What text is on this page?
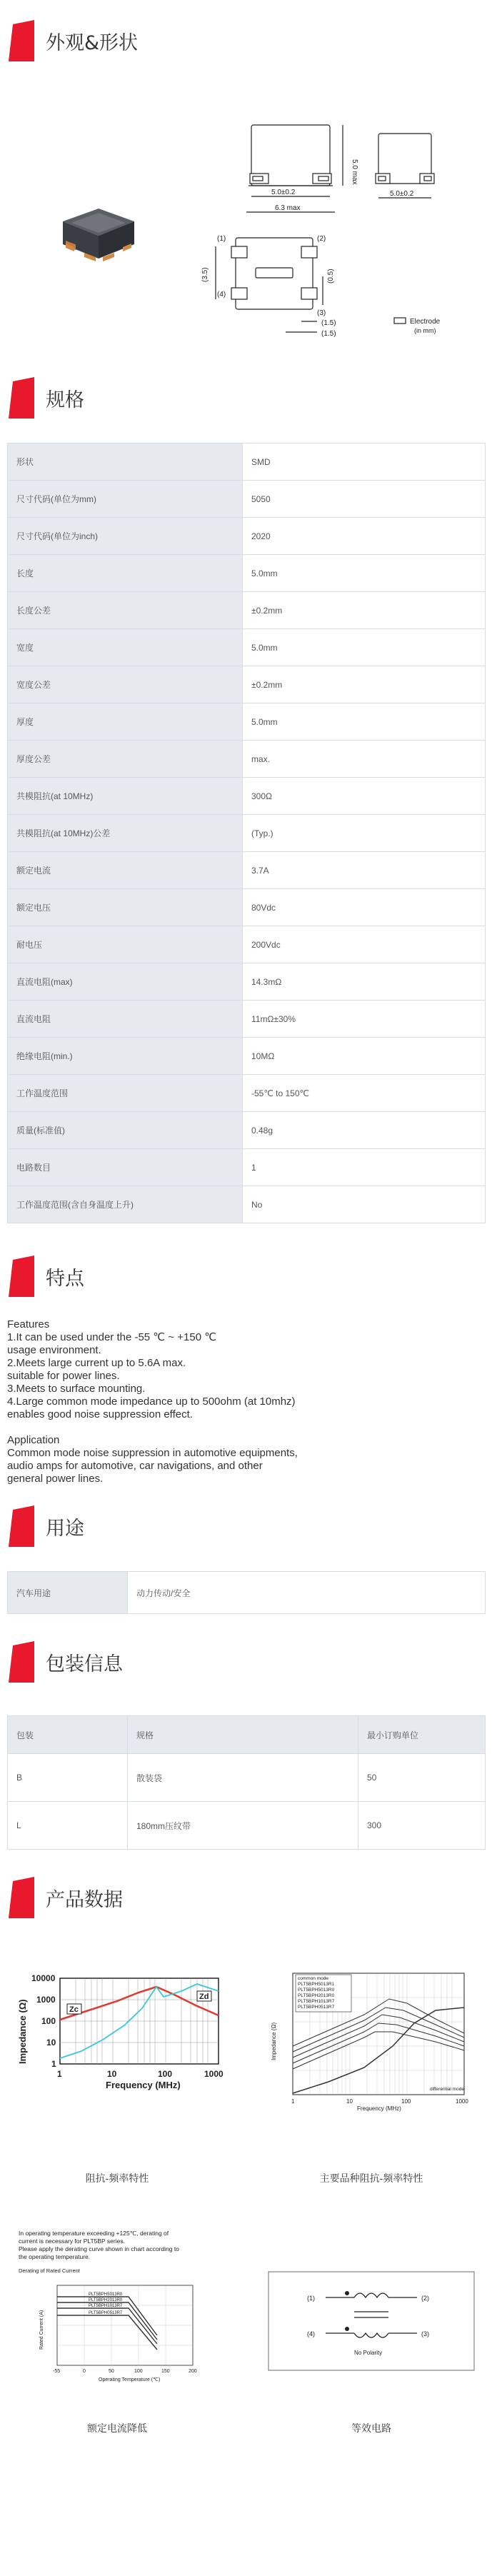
外观&形状
5.0±0.2
6.3 max
5.0 max
5.0±0.2
(1)	(2)
(3)
(4)
(3.5)	(0.5)
(1.5)
(1.5)
Electrode
(in mm)
规格
形状	SMD
尺寸代码(单位为mm)	5050
尺寸代码(单位为inch)	2020
长度	5.0mm
长度公差	±0.2mm
宽度	5.0mm
宽度公差	±0.2mm
厚度	5.0mm
厚度公差	max.
共模阻抗(at 10MHz)	300Ω
共模阻抗(at 10MHz)公差	(Typ.)
额定电流	3.7A
额定电压	80Vdc
耐电压	200Vdc
直流电阻(max)	14.3mΩ
直流电阻	11mΩ±30%
绝缘电阻(min.)	10MΩ
工作温度范围	-55℃ to 150℃
质量(标准值)	0.48g
电路数目	1
工作温度范围(含自身温度上升)	No
特点
Features
1.It can be used under the -55 ℃ ~ +150 ℃
usage environment.
2.Meets large current up to 5.6A max.
suitable for power lines.
3.Meets to surface mounting.
4.Large common mode impedance up to 500ohm (at 10mhz)
enables good noise suppression effect.

Application
Common mode noise suppression in automotive equipments,
audio amps for automotive, car navigations, and other
general power lines.
用途
汽车用途	动力传动/安全
包装信息
包装	规格	最小订购单位
B	散装袋	50
L	180mm压纹带	300
产品数据
Zc
Zd
10000
1000
100
10
1
1	10	100	1000
Frequency (MHz)
Impedance (Ω)
阻抗-频率特性
common mode
PLT5BPH5013R1
PLT5BPH5013R0
PLT5BPH2013R0
PLT5BPH1013R7
PLT5BPH0513R7
differential mode
1	10	100	1000
Frequency (MHz)
Impedance (Ω)
主要品种阻抗-频率特性
In operating temperature exceeding +125℃, derating of
current is necessary for PLT5BP series.
Please apply the derating curve shown in chart according to
the operating temperature.
Derating of Rated Current
PLT5BPH5013R0
PLT5BPH2013R0
PLT5BPH1013R7
PLT5BPH0513R7
-55	0	50	100	150	200
Operating Temperature (℃)
Rated Current (A)
额定电流降低
(1)	(2)
(4)	(3)
No Polarity
等效电路
